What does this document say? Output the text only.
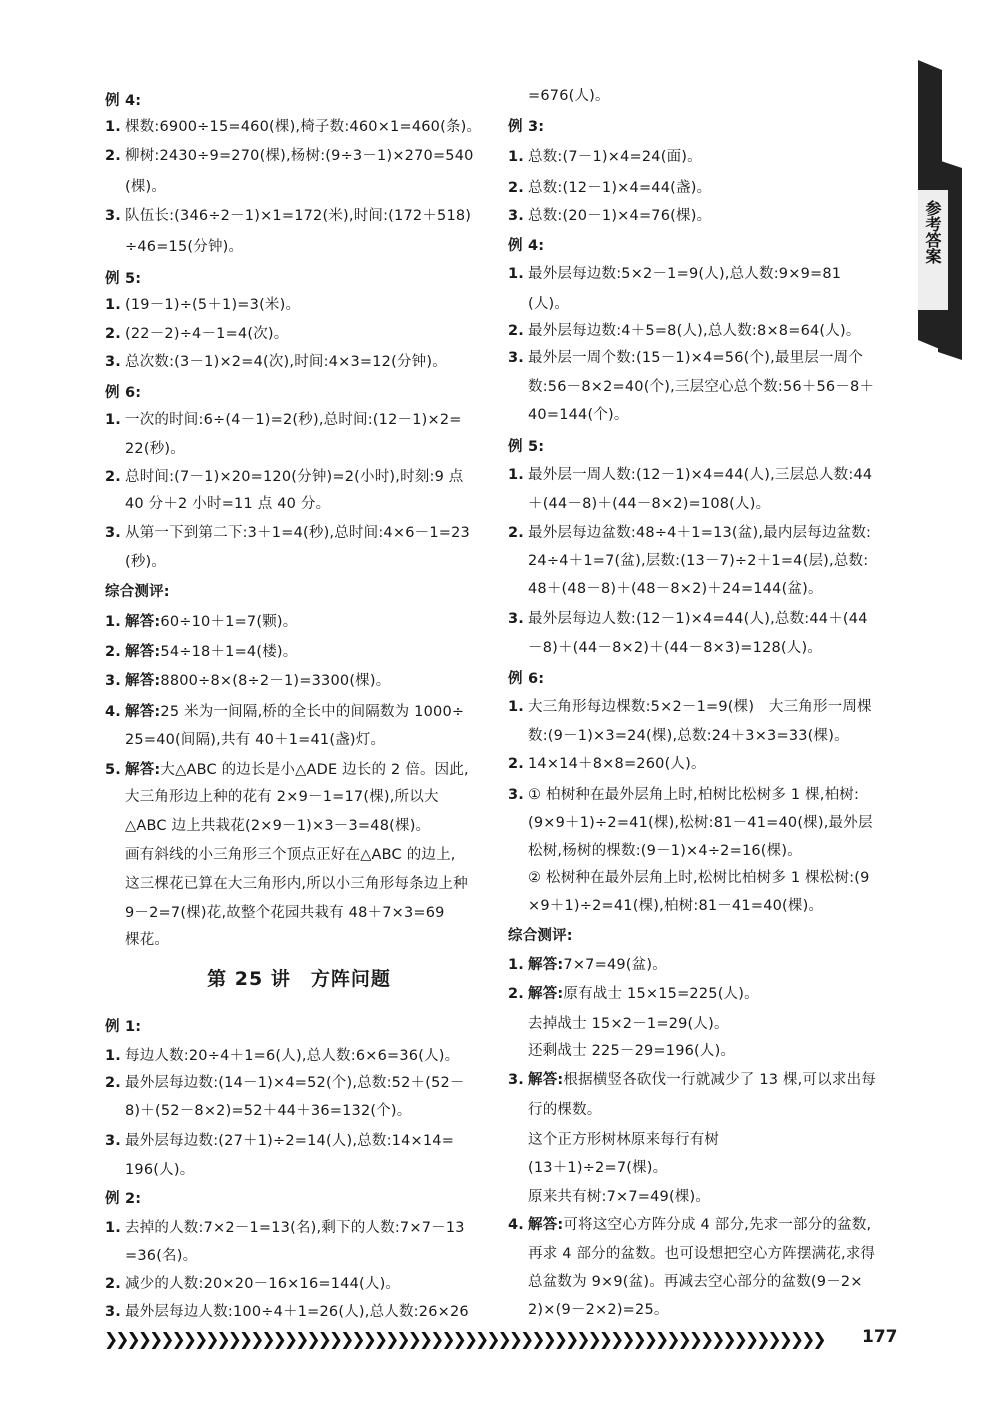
例 4:
1. 棵数:6900÷15=460(棵),椅子数:460×1=460(条)。
2. 柳树:2430÷9=270(棵),杨树:(9÷3－1)×270=540
(棵)。
3. 队伍长:(346÷2－1)×1=172(米),时间:(172＋518)
÷46=15(分钟)。
例 5:
1. (19－1)÷(5＋1)=3(米)。
2. (22－2)÷4－1=4(次)。
3. 总次数:(3－1)×2=4(次),时间:4×3=12(分钟)。
例 6:
1. 一次的时间:6÷(4－1)=2(秒),总时间:(12－1)×2=
22(秒)。
2. 总时间:(7－1)×20=120(分钟)=2(小时),时刻:9 点
40 分＋2 小时=11 点 40 分。
3. 从第一下到第二下:3＋1=4(秒),总时间:4×6－1=23
(秒)。
综合测评:
1. 解答:60÷10＋1=7(颗)。
2. 解答:54÷18＋1=4(楼)。
3. 解答:8800÷8×(8÷2－1)=3300(棵)。
4. 解答:25 米为一间隔,桥的全长中的间隔数为 1000÷
25=40(间隔),共有 40＋1=41(盏)灯。
5. 解答:大△ABC 的边长是小△ADE 边长的 2 倍。因此,
大三角形边上种的花有 2×9－1=17(棵),所以大
△ABC 边上共栽花(2×9－1)×3－3=48(棵)。
画有斜线的小三角形三个顶点正好在△ABC 的边上,
这三棵花已算在大三角形内,所以小三角形每条边上种
9－2=7(棵)花,故整个花园共栽有 48＋7×3=69
棵花。
例 1:
1. 每边人数:20÷4＋1=6(人),总人数:6×6=36(人)。
2. 最外层每边数:(14－1)×4=52(个),总数:52＋(52－
8)＋(52－8×2)=52＋44＋36=132(个)。
3. 最外层每边数:(27＋1)÷2=14(人),总数:14×14=
196(人)。
例 2:
1. 去掉的人数:7×2－1=13(名),剩下的人数:7×7－13
=36(名)。
2. 减少的人数:20×20－16×16=144(人)。
3. 最外层每边人数:100÷4＋1=26(人),总人数:26×26
=676(人)。
例 3:
1. 总数:(7－1)×4=24(面)。
2. 总数:(12－1)×4=44(盏)。
3. 总数:(20－1)×4=76(棵)。
例 4:
1. 最外层每边数:5×2－1=9(人),总人数:9×9=81
(人)。
2. 最外层每边数:4＋5=8(人),总人数:8×8=64(人)。
3. 最外层一周个数:(15－1)×4=56(个),最里层一周个
数:56－8×2=40(个),三层空心总个数:56＋56－8＋
40=144(个)。
例 5:
1. 最外层一周人数:(12－1)×4=44(人),三层总人数:44
＋(44－8)＋(44－8×2)=108(人)。
2. 最外层每边盆数:48÷4＋1=13(盆),最内层每边盆数:
24÷4＋1=7(盆),层数:(13－7)÷2＋1=4(层),总数:
48＋(48－8)＋(48－8×2)＋24=144(盆)。
3. 最外层每边人数:(12－1)×4=44(人),总数:44＋(44
－8)＋(44－8×2)＋(44－8×3)=128(人)。
例 6:
1. 大三角形每边棵数:5×2－1=9(棵)　大三角形一周棵
数:(9－1)×3=24(棵),总数:24＋3×3=33(棵)。
2. 14×14＋8×8=260(人)。
3. ① 柏树种在最外层角上时,柏树比松树多 1 棵,柏树:
(9×9＋1)÷2=41(棵),松树:81－41=40(棵),最外层
松树,杨树的棵数:(9－1)×4÷2=16(棵)。
② 松树种在最外层角上时,松树比柏树多 1 棵松树:(9
×9＋1)÷2=41(棵),柏树:81－41=40(棵)。
综合测评:
1. 解答:7×7=49(盆)。
2. 解答:原有战士 15×15=225(人)。
去掉战士 15×2－1=29(人)。
还剩战士 225－29=196(人)。
3. 解答:根据横竖各砍伐一行就减少了 13 棵,可以求出每
行的棵数。
这个正方形树林原来每行有树
(13＋1)÷2=7(棵)。
原来共有树:7×7=49(棵)。
4. 解答:可将这空心方阵分成 4 部分,先求一部分的盆数,
再求 4 部分的盆数。也可设想把空心方阵摆满花,求得
总盆数为 9×9(盆)。再减去空心部分的盆数(9－2×
2)×(9－2×2)=25。
第 25 讲　方阵问题
参考答案
❯❯❯❯❯❯❯❯❯❯❯❯❯❯❯❯❯❯❯❯❯❯❯❯❯❯❯❯❯❯❯❯❯❯❯❯❯❯❯❯❯❯❯❯❯❯❯❯❯❯❯❯❯❯❯❯❯❯❯❯❯❯❯❯	177
